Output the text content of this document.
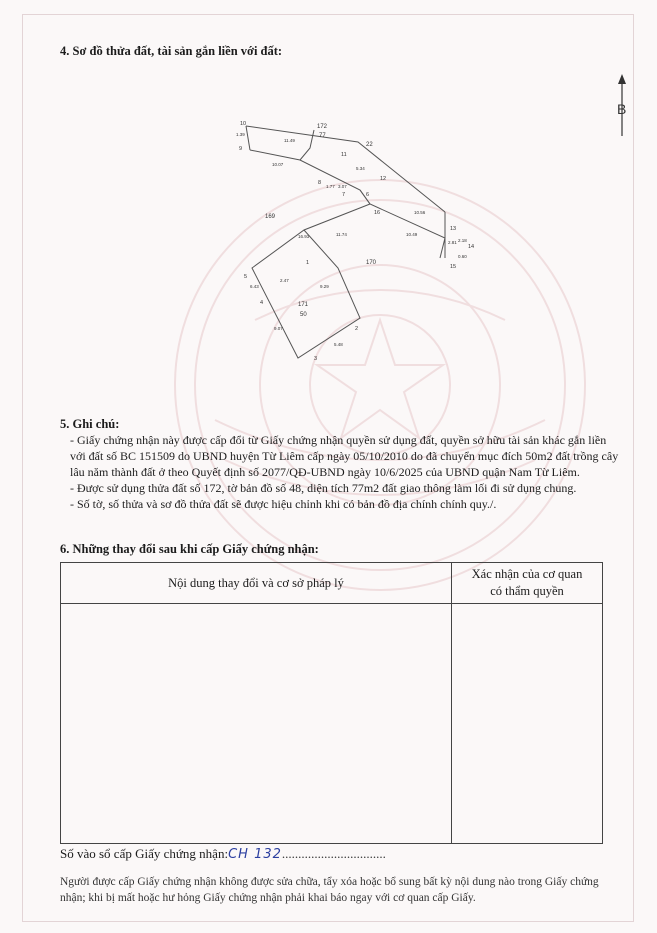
4. Sơ đồ thửa đất, tài sản gắn liền với đất:

B
10
9
11
12
13
14
15
16
8
7	6
1
2
3
4
5
11.49
10.07
5.34
1.77 3.07
10.56
16.93	11.74	10.49
2.81
6.43
2.47
9.29
5.48
9.07
1.39
2.18
0.60
172
77
22
169
170
171
50

5. Ghi chú:

- Giấy chứng nhận này được cấp đổi từ Giấy chứng nhận quyền sử dụng đất, quyền sở hữu tài sản khác gắn liền với đất số BC 151509 do UBND huyện Từ Liêm cấp ngày 05/10/2010 do đã chuyển mục đích 50m2 đất trồng cây lâu năm thành đất ở theo Quyết định số 2077/QĐ-UBND ngày 10/6/2025 của UBND quận Nam Từ Liêm.
- Được sử dụng thửa đất số 172, tờ bản đồ số 48, diện tích 77m2 đất giao thông làm lối đi sử dụng chung.
- Số tờ, số thửa và sơ đồ thửa đất sẽ được hiệu chỉnh khi có bản đồ địa chính chính quy./.

6. Những thay đổi sau khi cấp Giấy chứng nhận:

Nội dung thay đổi và cơ sở pháp lý	Xác nhận của cơ quan
có thẩm quyền

Số vào sổ cấp Giấy chứng nhận:CH 132................................
Người được cấp Giấy chứng nhận không được sửa chữa, tẩy xóa hoặc bổ sung bất kỳ nội dung nào trong Giấy chứng nhận; khi bị mất hoặc hư hỏng Giấy chứng nhận phải khai báo ngay với cơ quan cấp Giấy.
